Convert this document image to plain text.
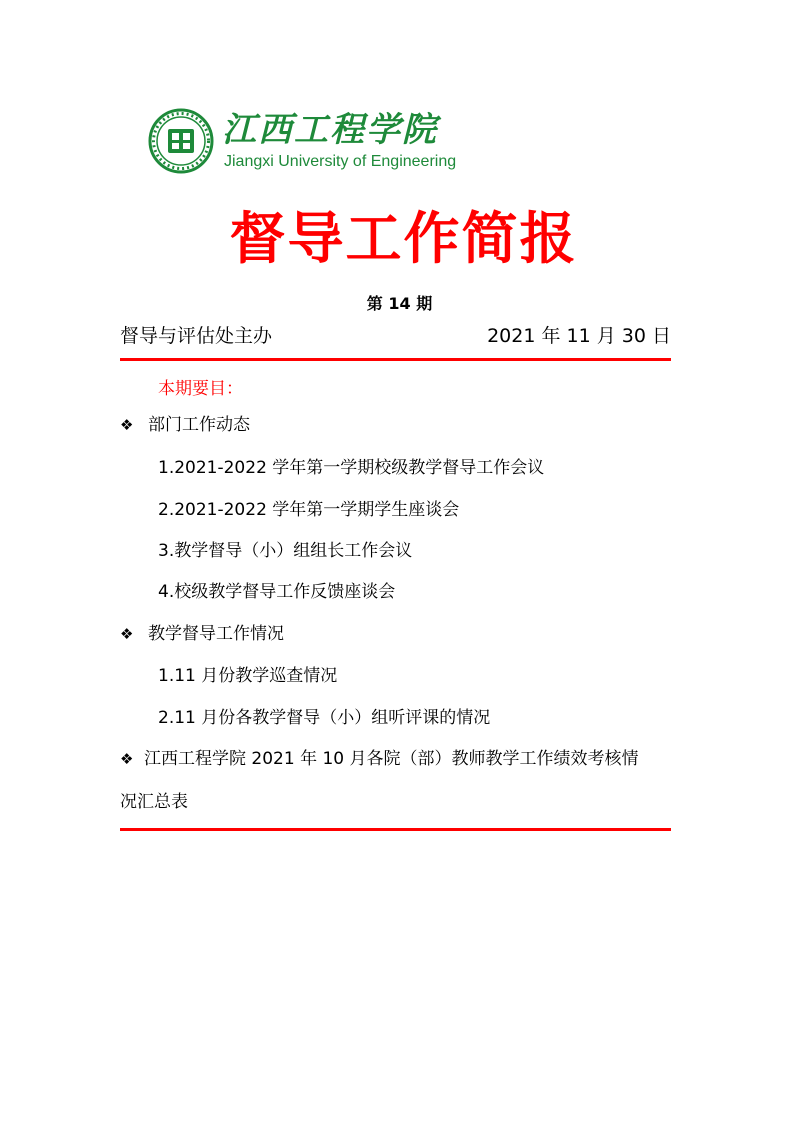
江西工程学院
Jiangxi University of Engineering
督导工作简报
第 14 期
督导与评估处主办	2021 年 11 月 30 日
本期要目：
❖ 部门工作动态
1.2021-2022 学年第一学期校级教学督导工作会议
2.2021-2022 学年第一学期学生座谈会
3.教学督导（小）组组长工作会议
4.校级教学督导工作反馈座谈会
❖ 教学督导工作情况
1.11 月份教学巡查情况
2.11 月份各教学督导（小）组听评课的情况
❖ 江西工程学院 2021 年 10 月各院（部）教师教学工作绩效考核情
况汇总表
